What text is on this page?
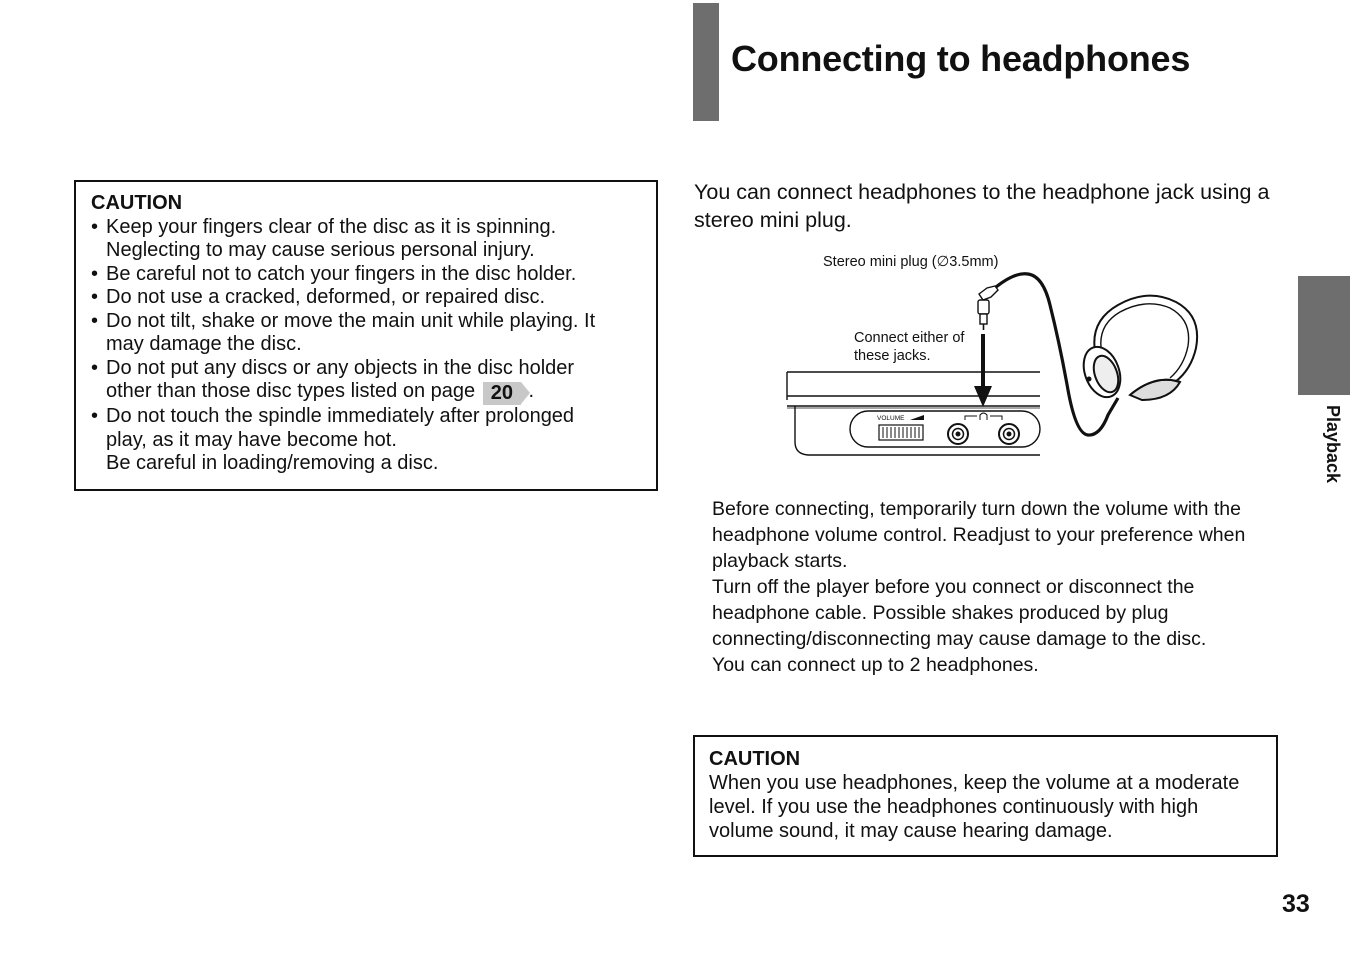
Connecting to headphones
Playback
CAUTION
• Keep your fingers clear of the disc as it is spinning.
Neglecting to may cause serious personal injury.
• Be careful not to catch your fingers in the disc holder.
• Do not use a cracked, deformed, or repaired disc.
• Do not tilt, shake or move the main unit while playing. It
may damage the disc.
• Do not put any discs or any objects in the disc holder
other than those disc types listed on page 20 .
• Do not touch the spindle immediately after prolonged
play, as it may have become hot.
Be careful in loading/removing a disc.
You can connect headphones to the headphone jack using a stereo mini plug.
Stereo mini plug (∅3.5mm)
Connect either of
these jacks.
VOLUME

Before connecting, temporarily turn down the volume with the headphone volume control. Readjust to your preference when playback starts.

Turn off the player before you connect or disconnect the headphone cable. Possible shakes produced by plug connecting/disconnecting may cause damage to the disc.

You can connect up to 2 headphones.

CAUTION
When you use headphones, keep the volume at a moderate level. If you use the headphones continuously with high volume sound, it may cause hearing damage.
33
